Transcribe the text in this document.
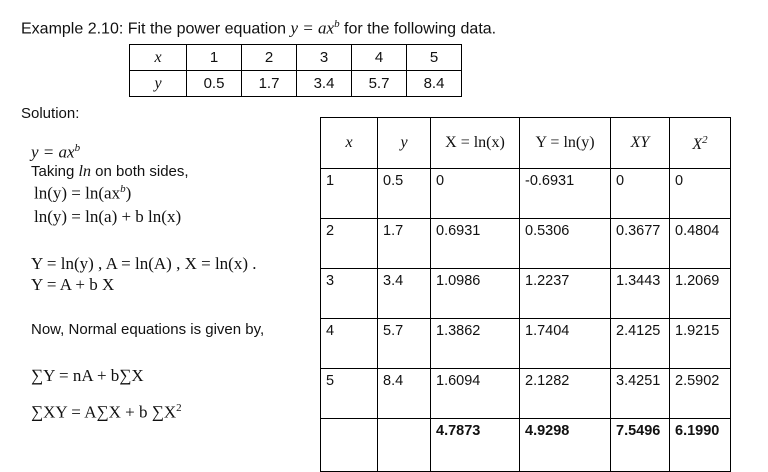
Example 2.10: Fit the power equation $y = ax^b$ for the following data.
x	1	2	3	4	5
y	0.5	1.7	3.4	5.7	8.4
Solution:
$y = ax^b$
Taking ln on both sides,
$\ln(y) = \ln(ax^b)$
ln(y) = ln(a) + b ln(x)
Y = ln(y) , A = ln(A) , X = ln(x) .
Y = A + b X
Now, Normal equations is given by,
∑Y = nA + b∑X
∑XY = A∑X + b $\sum X^2$
x	y	X = ln(x)	Y = ln(y)	XY	$X^2$
1	0.5	0	-0.6931	0	0
2	1.7	0.6931	0.5306	0.3677	0.4804
3	3.4	1.0986	1.2237	1.3443	1.2069
4	5.7	1.3862	1.7404	2.4125	1.9215
5	8.4	1.6094	2.1282	3.4251	2.5902
		4.7873	4.9298	7.5496	6.1990
